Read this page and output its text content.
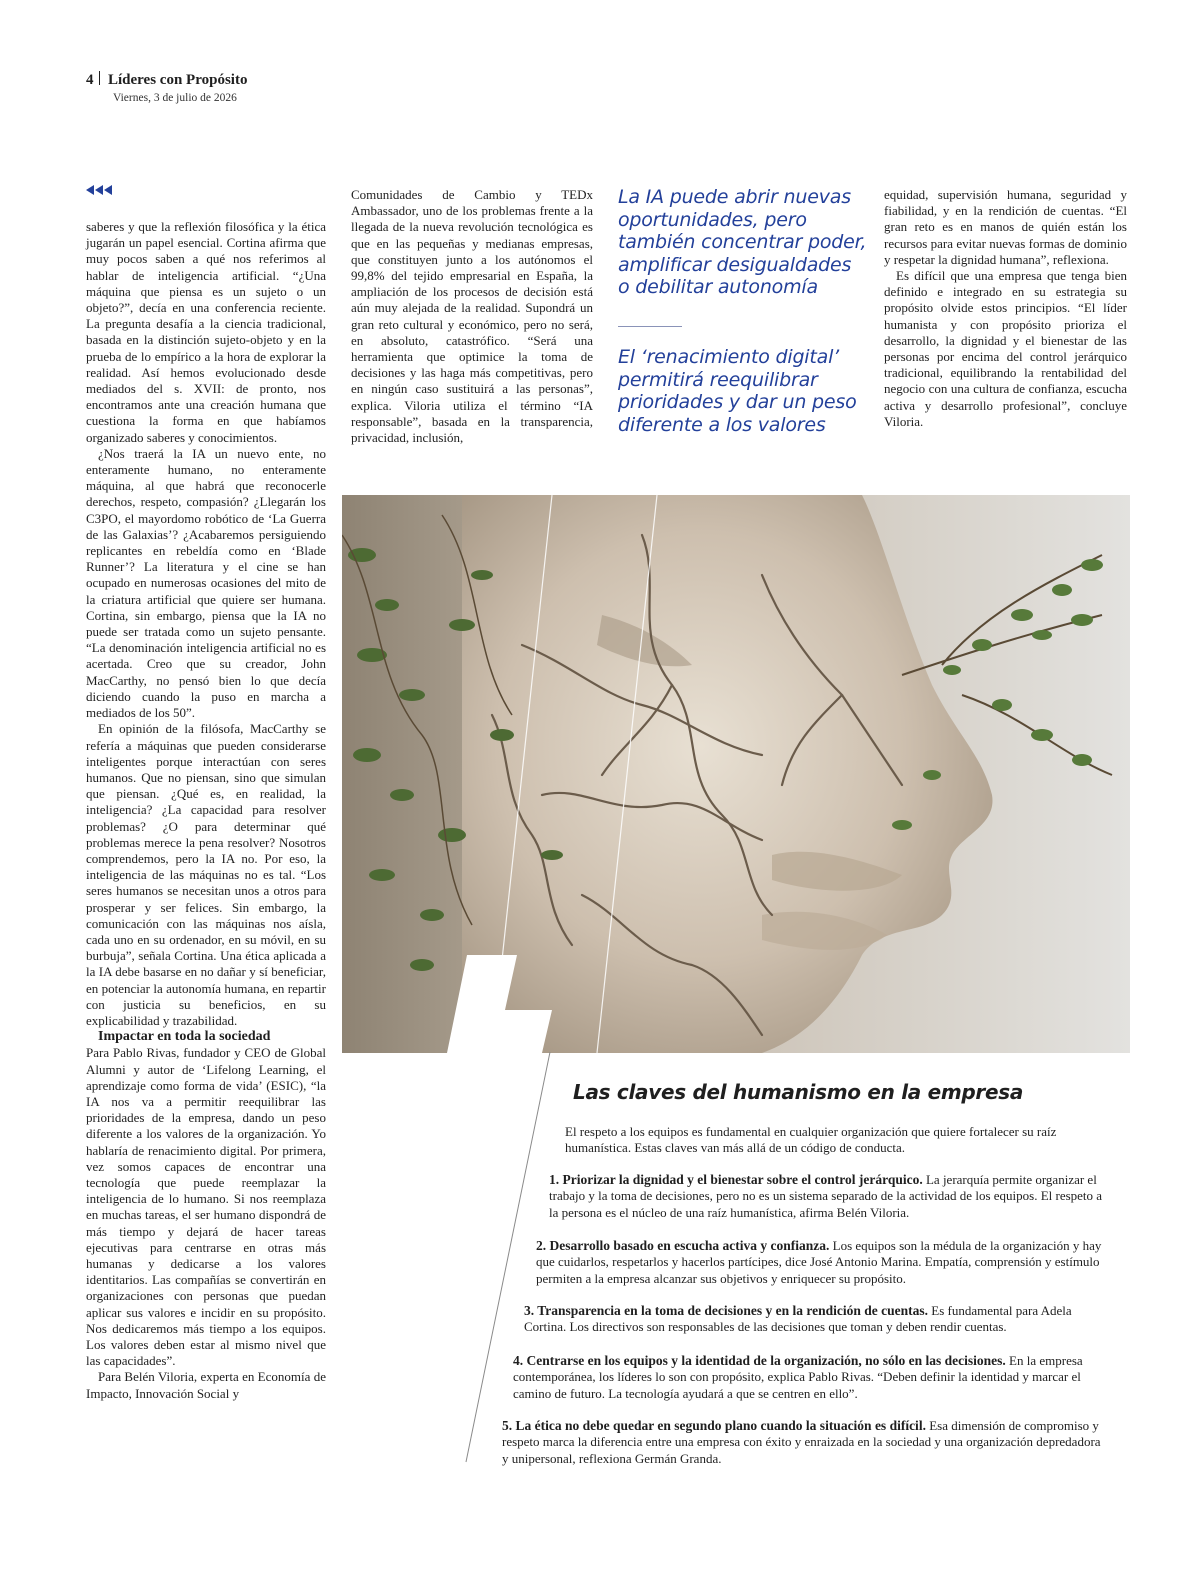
4 Líderes con Propósito
Viernes, 3 de julio de 2026

saberes y que la reflexión filosófica y la ética jugarán un papel esencial. Cortina afirma que muy pocos saben a qué nos referimos al hablar de inteligencia artificial. “¿Una máquina que piensa es un sujeto o un objeto?”, decía en una conferencia reciente. La pregunta desafía a la ciencia tradicional, basada en la distinción sujeto-objeto y en la prueba de lo empírico a la hora de explorar la realidad. Así hemos evolucionado desde mediados del s. XVII: de pronto, nos encontramos ante una creación humana que cuestiona la forma en que habíamos organizado saberes y conocimientos.

¿Nos traerá la IA un nuevo ente, no enteramente humano, no enteramente máquina, al que habrá que reconocerle derechos, respeto, compasión? ¿Llegarán los C3PO, el mayordomo robótico de ‘La Guerra de las Galaxias’? ¿Acabaremos persiguiendo replicantes en rebeldía como en ‘Blade Runner’? La literatura y el cine se han ocupado en numerosas ocasiones del mito de la criatura artificial que quiere ser humana. Cortina, sin embargo, piensa que la IA no puede ser tratada como un sujeto pensante. “La denominación inteligencia artificial no es acertada. Creo que su creador, John MacCarthy, no pensó bien lo que decía diciendo cuando la puso en marcha a mediados de los 50”.

En opinión de la filósofa, MacCarthy se refería a máquinas que pueden considerarse inteligentes porque interactúan con seres humanos. Que no piensan, sino que simulan que piensan. ¿Qué es, en realidad, la inteligencia? ¿La capacidad para resolver problemas? ¿O para determinar qué problemas merece la pena resolver? Nosotros comprendemos, pero la IA no. Por eso, la inteligencia de las máquinas no es tal. “Los seres humanos se necesitan unos a otros para prosperar y ser felices. Sin embargo, la comunicación con las máquinas nos aísla, cada uno en su ordenador, en su móvil, en su burbuja”, señala Cortina. Una ética aplicada a la IA debe basarse en no dañar y sí beneficiar, en potenciar la autonomía humana, en repartir con justicia su beneficios, en su explicabilidad y trazabilidad.

Impactar en toda la sociedad

Para Pablo Rivas, fundador y CEO de Global Alumni y autor de ‘Lifelong Learning, el aprendizaje como forma de vida’ (ESIC), “la IA nos va a permitir reequilibrar las prioridades de la empresa, dando un peso diferente a los valores de la organización. Yo hablaría de renacimiento digital. Por primera, vez somos capaces de encontrar una tecnología que puede reemplazar la inteligencia de lo humano. Si nos reemplaza en muchas tareas, el ser humano dispondrá de más tiempo y dejará de hacer tareas ejecutivas para centrarse en otras más humanas y dedicarse a los valores identitarios. Las compañías se convertirán en organizaciones con personas que puedan aplicar sus valores e incidir en su propósito. Nos dedicaremos más tiempo a los equipos. Los valores deben estar al mismo nivel que las capacidades”.

Para Belén Viloria, experta en Economía de Impacto, Innovación Social y

Comunidades de Cambio y TEDx Ambassador, uno de los problemas frente a la llegada de la nueva revolución tecnológica es que en las pequeñas y medianas empresas, que constituyen junto a los autónomos el 99,8% del tejido empresarial en España, la ampliación de los procesos de decisión está aún muy alejada de la realidad. Supondrá un gran reto cultural y económico, pero no será, en absoluto, catastrófico. “Será una herramienta que optimice la toma de decisiones y las haga más competitivas, pero en ningún caso sustituirá a las personas”, explica. Viloria utiliza el término “IA responsable”, basada en la transparencia, privacidad, inclusión,

La IA puede abrir nuevas oportunidades, pero también concentrar poder, amplificar desigualdades o debilitar autonomía
El ‘renacimiento digital’ permitirá reequilibrar prioridades y dar un peso diferente a los valores

equidad, supervisión humana, seguridad y fiabilidad, y en la rendición de cuentas. “El gran reto es en manos de quién están los recursos para evitar nuevas formas de dominio y respetar la dignidad humana”, reflexiona.

Es difícil que una empresa que tenga bien definido e integrado en su estrategia su propósito olvide estos principios. “El líder humanista y con propósito prioriza el desarrollo, la dignidad y el bienestar de las personas por encima del control jerárquico tradicional, equilibrando la rentabilidad del negocio con una cultura de confianza, escucha activa y desarrollo profesional”, concluye Viloria.

Las claves del humanismo en la empresa
El respeto a los equipos es fundamental en cualquier organización que quiere fortalecer su raíz humanística. Estas claves van más allá de un código de conducta.
1. Priorizar la dignidad y el bienestar sobre el control jerárquico. La jerarquía permite organizar el trabajo y la toma de decisiones, pero no es un sistema separado de la actividad de los equipos. El respeto a la persona es el núcleo de una raíz humanística, afirma Belén Viloria.
2. Desarrollo basado en escucha activa y confianza. Los equipos son la médula de la organización y hay que cuidarlos, respetarlos y hacerlos partícipes, dice José Antonio Marina. Empatía, comprensión y estímulo permiten a la empresa alcanzar sus objetivos y enriquecer su propósito.
3. Transparencia en la toma de decisiones y en la rendición de cuentas. Es fundamental para Adela Cortina. Los directivos son responsables de las decisiones que toman y deben rendir cuentas.
4. Centrarse en los equipos y la identidad de la organización, no sólo en las decisiones. En la empresa contemporánea, los líderes lo son con propósito, explica Pablo Rivas. “Deben definir la identidad y marcar el camino de futuro. La tecnología ayudará a que se centren en ello”.
5. La ética no debe quedar en segundo plano cuando la situación es difícil. Esa dimensión de compromiso y respeto marca la diferencia entre una empresa con éxito y enraizada en la sociedad y una organización depredadora y unipersonal, reflexiona Germán Granda.
